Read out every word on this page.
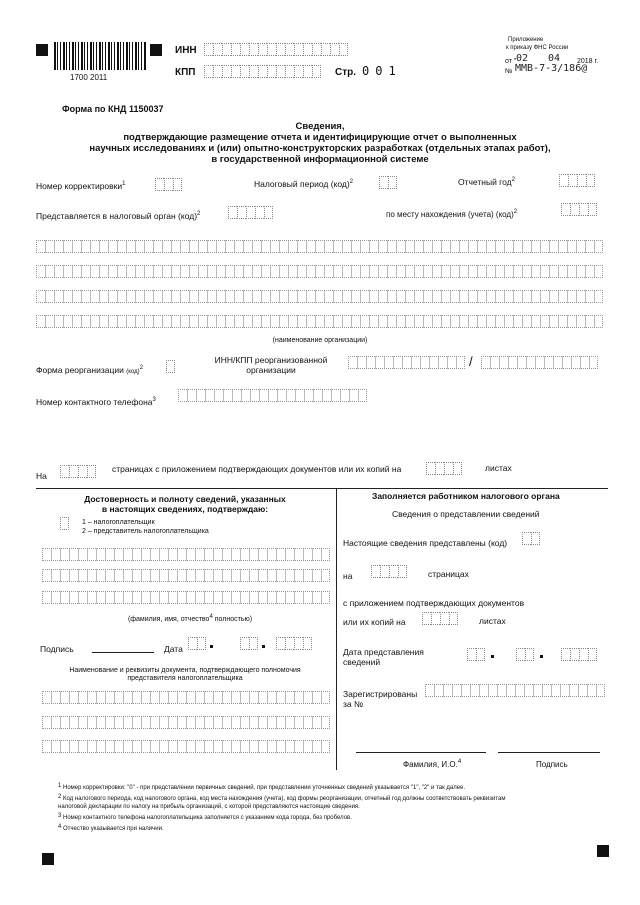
1700 2011
ИНН
КПП	Стр. 001
Приложение
к приказу ФНС России
от " 02 04 2018 г.
№ ММВ-7-3/186@
Форма по КНД 1150037
Сведения,
подтверждающие размещение отчета и идентифицирующие отчет о выполненных
научных исследованиях и (или) опытно-конструкторских разработках (отдельных этапах работ),
в государственной информационной системе
Номер корректировки$^1$	Налоговый период (код)$^2$	Отчетный год$^2$
Представляется в налоговый орган (код)$^2$	по месту нахождения (учета) (код)$^2$
(наименование организации)
Форма реорганизации (код)$^2$
ИНН/КПП реорганизованной
организации
/
Номер контактного телефона$^3$
На
страницах с приложением подтверждающих документов или их копий на	листах
Достоверность и полноту сведений, указанных
в настоящих сведениях, подтверждаю:
1 – налогоплательщик
2 – представитель налогоплательщика
(фамилия, имя, отчество$^4$ полностью)
Подпись	Дата
Наименование и реквизиты документа, подтверждающего полномочия
представителя налогоплательщика
Заполняется работником налогового органа
Сведения о представлении сведений
Настоящие сведения представлены (код)
на	страницах
с приложением подтверждающих документов
или их копий на	листах
Дата представления
сведений
Зарегистрированы
за №
Фамилия, И.О.$^4$	Подпись
$^1$ Номер корректировки: "0" - при представлении первичных сведений, при представлении уточненных сведений указывается "1", "2" и так далее.
$^2$ Код налогового периода, код налогового органа, код места нахождения (учета), код формы реорганизации, отчетный год должны соответствовать реквизитам
налоговой декларации по налогу на прибыль организаций, с которой представляются настоящие сведения.
$^3$ Номер контактного телефона налогоплательщика заполняется с указанием кода города, без пробелов.
$^4$ Отчество указывается при наличии.
